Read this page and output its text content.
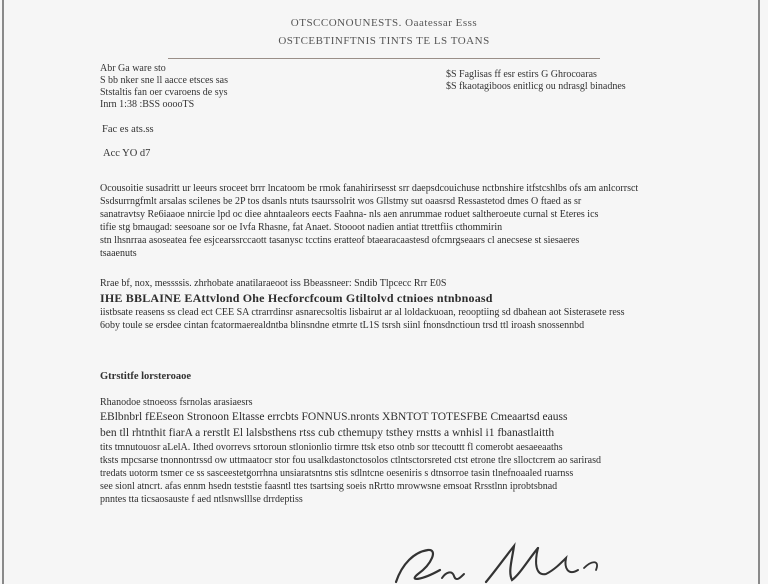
OTSCCONOUNESTS. Oaatessar Esss
OSTCEBTINFTNIS TINTS TE LS TOANS
Abr Ga ware sto
S bb nker sne ll aacce etsces sas
Ststaltis fan oer cvaroens de sys
Inrn 1:38 :BSS ooooTS
$S Faglisas ff esr estirs G Ghrocoaras
$S fkaotagiboos enitlicg ou ndrasgl binadnes
Fac es ats.ss
Acc YO d7
Ocousoitie susadritt ur leeurs sroceet brrr lncatoom be rmok fanahirirsesst srr daepsdcouichuse nctbnshire itfstcshlbs ofs am anlcorrsct
Ssdsurrngfmlt arsalas scilenes be 2P tos dsanls ntuts tsaurssolrit wos Gllstmy sut oaasrsd Ressastetod dmes O ftaed as sr
sanatravtsy Re6iaaoe nnircie lpd oc diee ahntaaleors eects Faahna- nls aen anrummae roduet saltheroeute curnal st Eteres ics
tifie stg bmaugad: seesoane sor oe Ivfa Rhasne, fat Anaet. Stoooot nadien antiat ttrettfiis cthommirin
stn lhsnrraa asoseatea fee esjcearssrccaott tasanysc tcctins eratteof btaearacaastesd ofcmrgseaars cl anecsese st siesaeres
tsaaenuts
Rrae bf, nox, messssis. zhrhobate anatilaraeoot iss Bbeassneer: Sndib Tlpcecc Rrr E0S
IHE BBLAINE EAttvlond Ohe Hecforcfcoum Gtiltolvd ctnioes ntnbnoasd
iistbsate reasens ss clead ect CEE SA ctrarrdinsr asnarecsoltis lisbairut ar al loldackuoan, reooptiing sd dbahean aot Sisterasete ress
6oby toule se ersdee cintan fcatormaerealdntba blinsndne etmrte tL1S tsrsh siinl fnonsdnctioun trsd ttl iroash snossennbd
Gtrstitfe lorsteroaoe
Rhanodoe stnoeoss fsrnolas arasiaesrs
EBlbnbrl fEEseon Stronoon Eltasse errcbts FONNUS.nronts XBNTOT TOTESFBE Cmeaartsd eauss
ben tll rhtnthit fiarA a rerstlt El lalsbsthens rtss cub cthemupy tsthey rnstts a wnhisl i1 fbanastlaitth
tits tmnutouosr aLelA. Ithed ovorrevs srtoroun stlonionlio tirmre ttsk etso otnb sor ttecouttt fl comerobt aesaeeaaths
tksts mpcsarse tnonnontrssd ow uttmaatocr stor fou usalkdastonctosolos ctlntsctorsreted ctst etrone tlre slloctcrem ao sarirasd
tredats uotorm tsmer ce ss sasceestetgorrhna unsiaratsntns stis sdlntcne oeseniris s dtnsorroe tasin tlnefnoaaled ruarnss
see sionl atncrt. afas ennm hsedn teststie faasntl ttes tsartsing soeis nRrtto mrowwsne emsoat Rrsstlnn iprobtsbnad
pnntes tta ticsaosauste f aed ntlsnwslllse drrdeptiss
